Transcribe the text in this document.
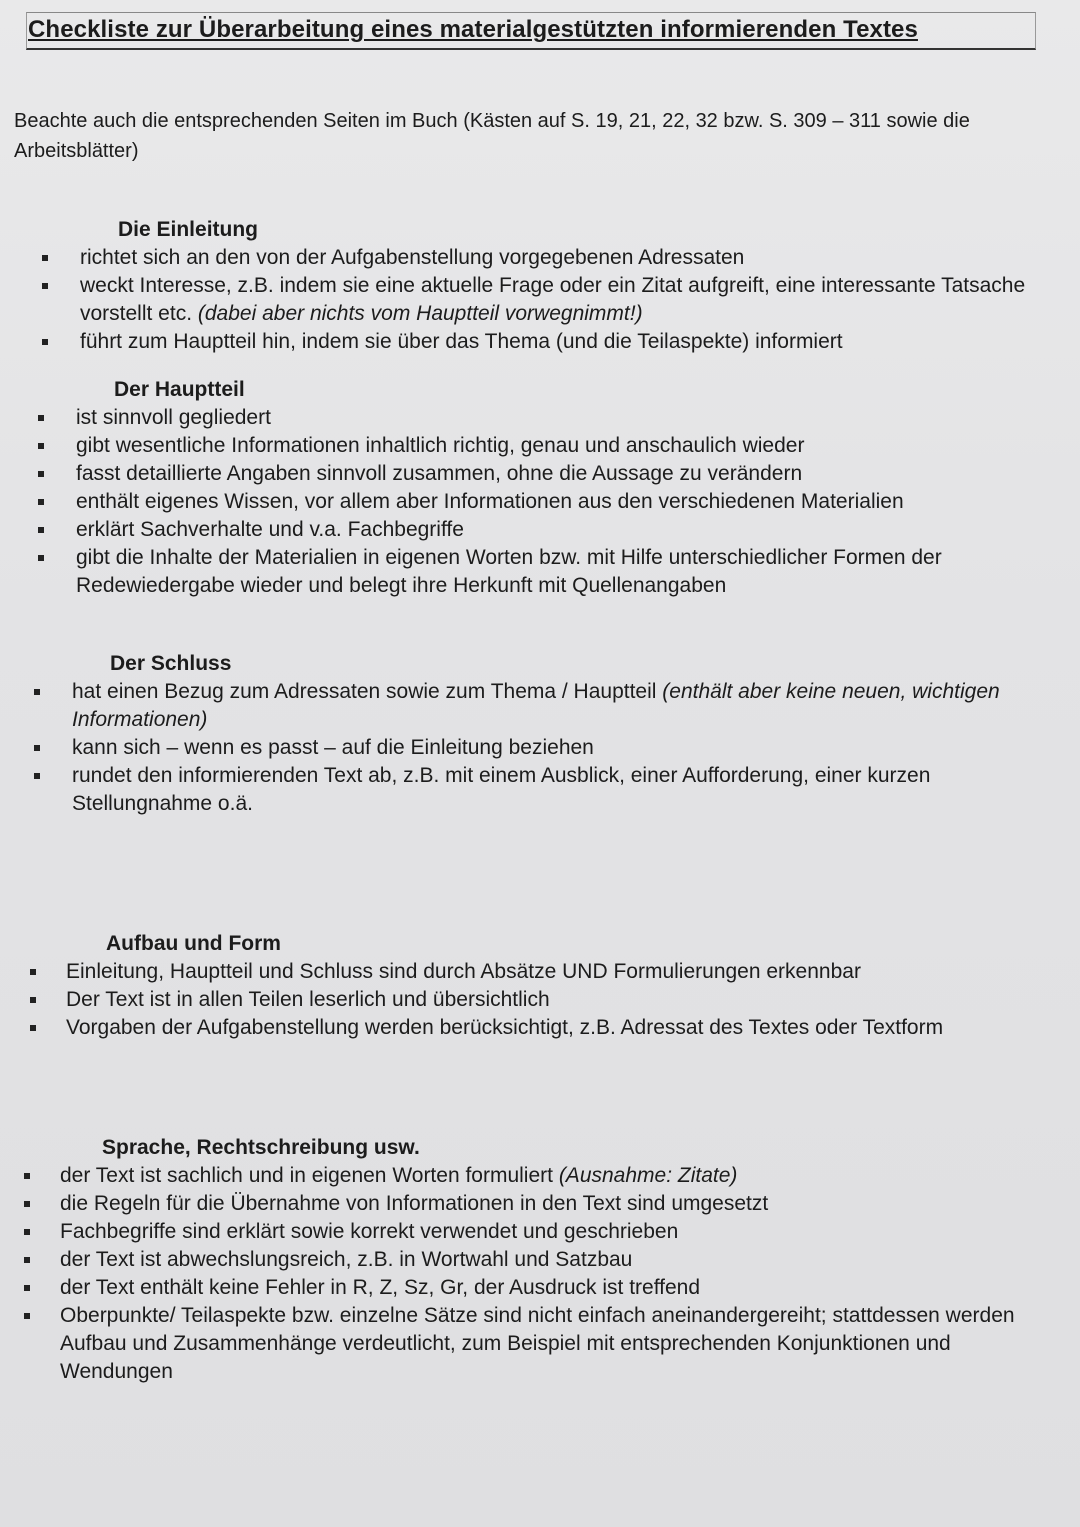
Checkliste zur Überarbeitung eines materialgestützten informierenden Textes
Beachte auch die entsprechenden Seiten im Buch (Kästen auf S. 19, 21, 22, 32 bzw. S. 309 – 311 sowie die Arbeitsblätter)
Die Einleitung
richtet sich an den von der Aufgabenstellung vorgegebenen Adressaten
weckt Interesse, z.B. indem sie eine aktuelle Frage oder ein Zitat aufgreift, eine interessante Tatsache vorstellt etc. (dabei aber nichts vom Hauptteil vorwegnimmt!)
führt zum Hauptteil hin, indem sie über das Thema (und die Teilaspekte) informiert
Der Hauptteil
ist sinnvoll gegliedert
gibt wesentliche Informationen inhaltlich richtig, genau und anschaulich wieder
fasst detaillierte Angaben sinnvoll zusammen, ohne die Aussage zu verändern
enthält eigenes Wissen, vor allem aber Informationen aus den verschiedenen Materialien
erklärt Sachverhalte und v.a. Fachbegriffe
gibt die Inhalte der Materialien in eigenen Worten bzw. mit Hilfe unterschiedlicher Formen der Redewiedergabe wieder und belegt ihre Herkunft mit Quellenangaben
Der Schluss
hat einen Bezug zum Adressaten sowie zum Thema / Hauptteil (enthält aber keine neuen, wichtigen Informationen)
kann sich – wenn es passt – auf die Einleitung beziehen
rundet den informierenden Text ab, z.B. mit einem Ausblick, einer Aufforderung, einer kurzen Stellungnahme o.ä.
Aufbau und Form
Einleitung, Hauptteil und Schluss sind durch Absätze UND Formulierungen erkennbar
Der Text ist in allen Teilen leserlich und übersichtlich
Vorgaben der Aufgabenstellung werden berücksichtigt, z.B. Adressat des Textes oder Textform
Sprache, Rechtschreibung usw.
der Text ist sachlich und in eigenen Worten formuliert (Ausnahme: Zitate)
die Regeln für die Übernahme von Informationen in den Text sind umgesetzt
Fachbegriffe sind erklärt sowie korrekt verwendet und geschrieben
der Text ist abwechslungsreich, z.B. in Wortwahl und Satzbau
der Text enthält keine Fehler in R, Z, Sz, Gr, der Ausdruck ist treffend
Oberpunkte/ Teilaspekte bzw. einzelne Sätze sind nicht einfach aneinandergereiht; stattdessen werden Aufbau und Zusammenhänge verdeutlicht, zum Beispiel mit entsprechenden Konjunktionen und Wendungen
